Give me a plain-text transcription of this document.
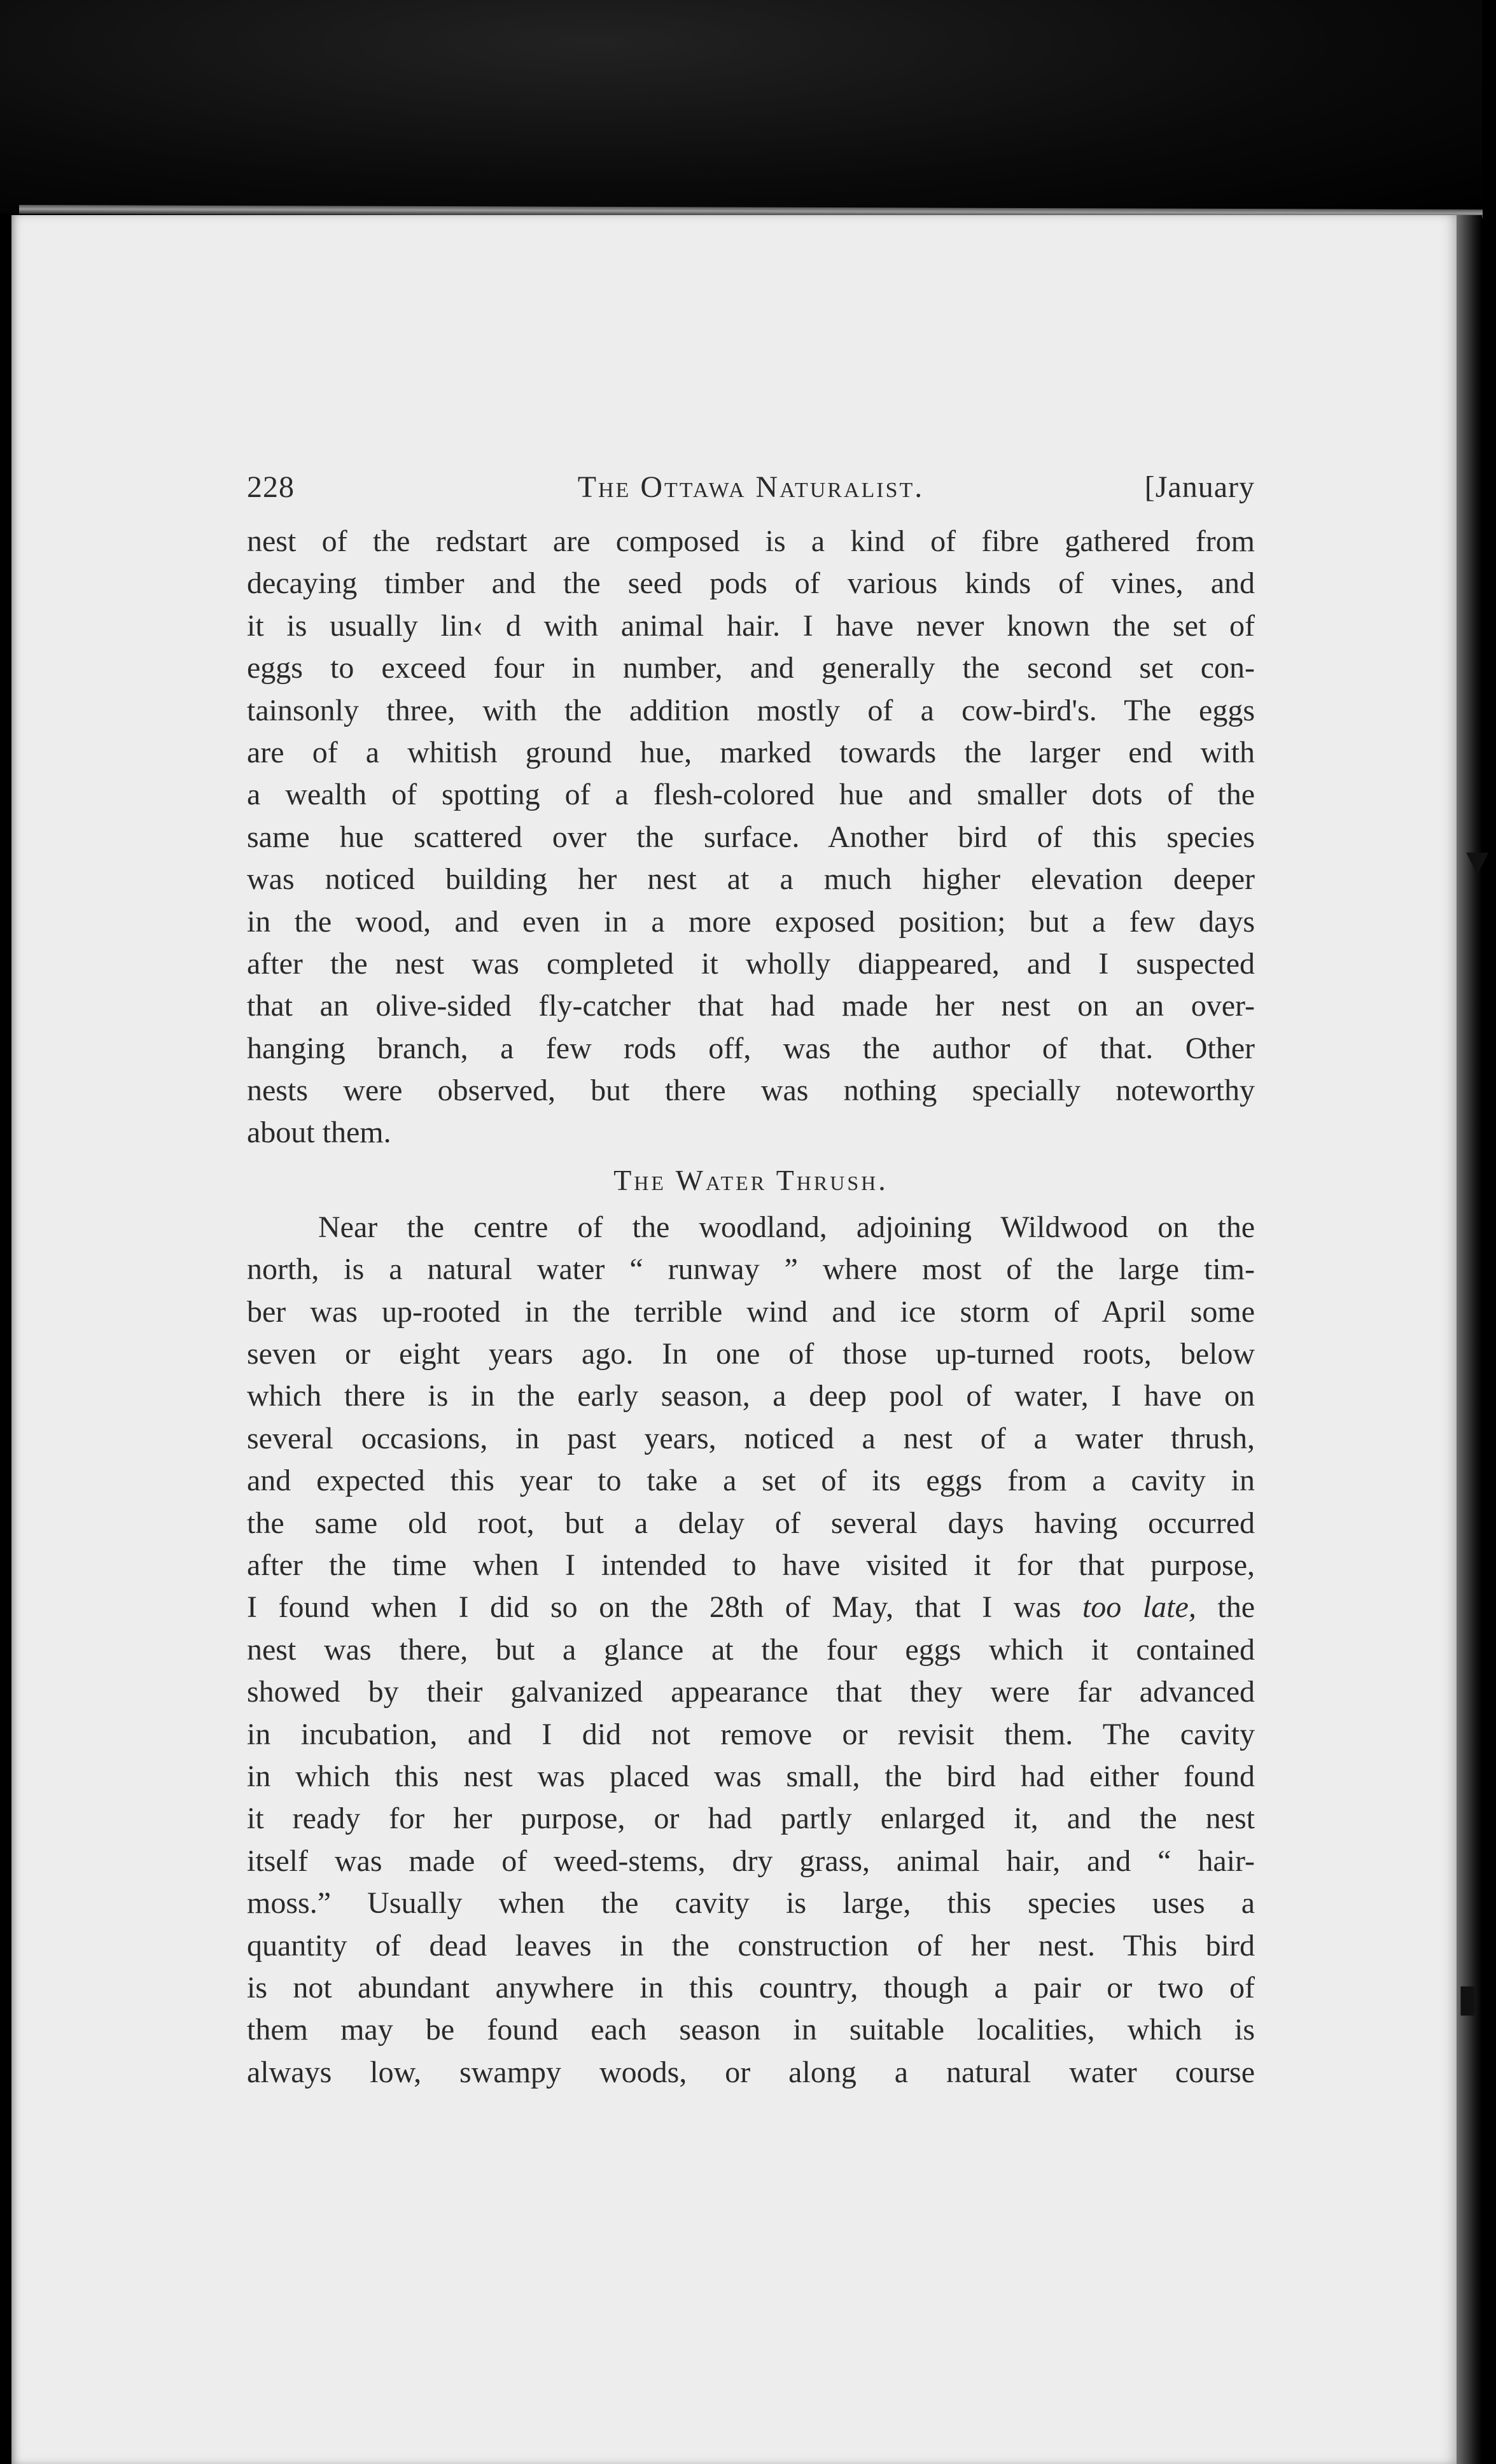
▼
▮
228	The Ottawa Naturalist.	[January
nest of the redstart are composed is a kind of fibre gathered from
decaying timber and the seed pods of various kinds of vines, and
it is usually lin‹ d with animal hair. I have never known the set of
eggs to exceed four in number, and generally the second set con-
tainsonly three, with the addition mostly of a cow-bird's. The eggs
are of a whitish ground hue, marked towards the larger end with
a wealth of spotting of a flesh-colored hue and smaller dots of the
same hue scattered over the surface. Another bird of this species
was noticed building her nest at a much higher elevation deeper
in the wood, and even in a more exposed position; but a few days
after the nest was completed it wholly diappeared, and I suspected
that an olive-sided fly-catcher that had made her nest on an over-
hanging branch, a few rods off, was the author of that. Other
nests were observed, but there was nothing specially noteworthy
about them.
The Water Thrush.
Near the centre of the woodland, adjoining Wildwood on the
north, is a natural water “ runway ” where most of the large tim-
ber was up-rooted in the terrible wind and ice storm of April some
seven or eight years ago. In one of those up-turned roots, below
which there is in the early season, a deep pool of water, I have on
several occasions, in past years, noticed a nest of a water thrush,
and expected this year to take a set of its eggs from a cavity in
the same old root, but a delay of several days having occurred
after the time when I intended to have visited it for that purpose,
I found when I did so on the 28th of May, that I was too late, the
nest was there, but a glance at the four eggs which it contained
showed by their galvanized appearance that they were far advanced
in incubation, and I did not remove or revisit them. The cavity
in which this nest was placed was small, the bird had either found
it ready for her purpose, or had partly enlarged it, and the nest
itself was made of weed-stems, dry grass, animal hair, and “ hair-
moss.” Usually when the cavity is large, this species uses a
quantity of dead leaves in the construction of her nest. This bird
is not abundant anywhere in this country, though a pair or two of
them may be found each season in suitable localities, which is
always low, swampy woods, or along a natural water course
